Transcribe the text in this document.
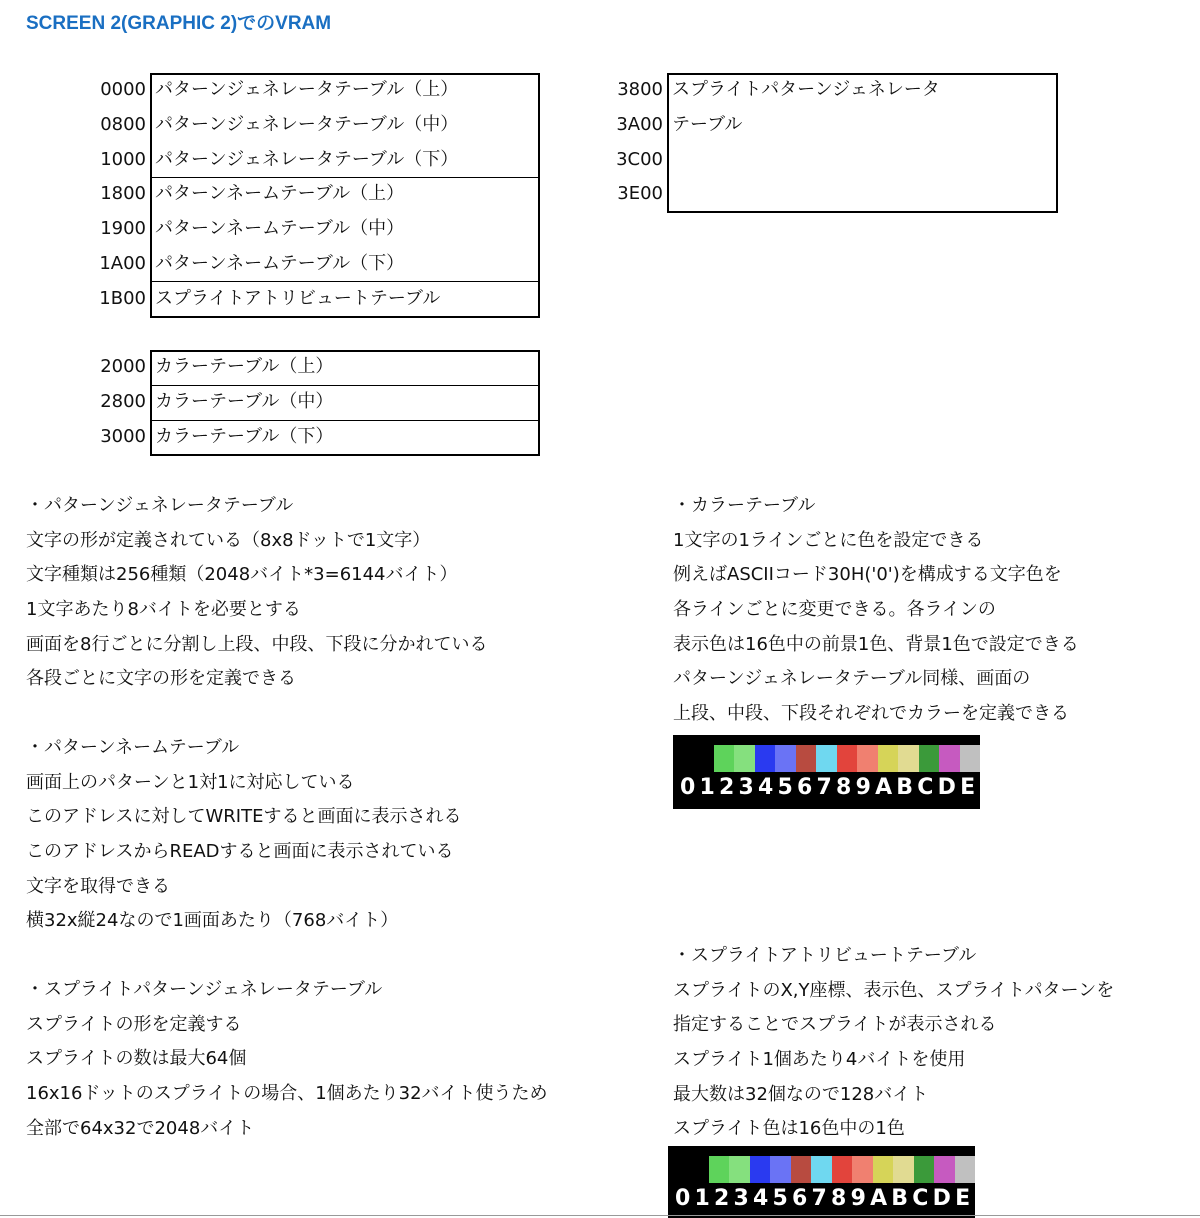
SCREEN 2(GRAPHIC 2)でのVRAM
0000 パターンジェネレータテーブル（上）
0800 パターンジェネレータテーブル（中）
1000 パターンジェネレータテーブル（下）
1800 パターンネームテーブル（上）
1900 パターンネームテーブル（中）
1A00 パターンネームテーブル（下）
1B00 スプライトアトリビュートテーブル
2000 カラーテーブル（上）
2800 カラーテーブル（中）
3000 カラーテーブル（下）
3800 スプライトパターンジェネレータ
3A00 テーブル
3C00
3E00
・パターンジェネレータテーブル
文字の形が定義されている（8x8ドットで1文字）
文字種類は256種類（2048バイト*3=6144バイト）
1文字あたり8バイトを必要とする
画面を8行ごとに分割し上段、中段、下段に分かれている
各段ごとに文字の形を定義できる
・パターンネームテーブル
画面上のパターンと1対1に対応している
このアドレスに対してWRITEすると画面に表示される
このアドレスからREADすると画面に表示されている
文字を取得できる
横32x縦24なので1画面あたり（768バイト）
・スプライトパターンジェネレータテーブル
スプライトの形を定義する
スプライトの数は最大64個
16x16ドットのスプライトの場合、1個あたり32バイト使うため
全部で64x32で2048バイト
・カラーテーブル
1文字の1ラインごとに色を設定できる
例えばASCIIコード30H('0')を構成する文字色を
各ラインごとに変更できる。各ラインの
表示色は16色中の前景1色、背景1色で設定できる
パターンジェネレータテーブル同様、画面の
上段、中段、下段それぞれでカラーを定義できる
・スプライトアトリビュートテーブル
スプライトのX,Y座標、表示色、スプライトパターンを
指定することでスプライトが表示される
スプライト1個あたり4バイトを使用
最大数は32個なので128バイト
スプライト色は16色中の1色
0123456789ABCDEF
0123456789ABCDEF
